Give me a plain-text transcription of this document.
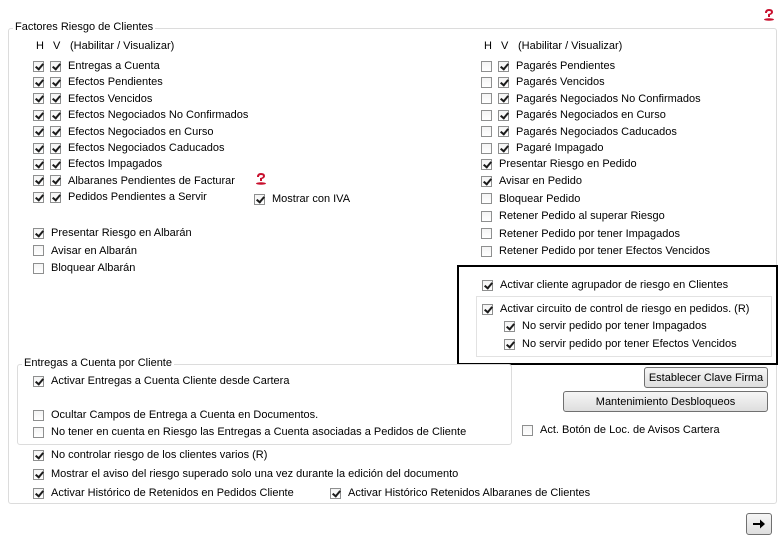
Factores Riesgo de Clientes
H V (Habilitar / Visualizar)
Entregas a Cuenta
Efectos Pendientes
Efectos Vencidos
Efectos Negociados No Confirmados
Efectos Negociados en Curso
Efectos Negociados Caducados
Efectos Impagados
Albaranes Pendientes de Facturar
Pedidos Pendientes a Servir	Mostrar con IVA
Presentar Riesgo en Albarán
Avisar en Albarán
Bloquear Albarán
H V (Habilitar / Visualizar)
Pagarés Pendientes
Pagarés Vencidos
Pagarés Negociados No Confirmados
Pagarés Negociados en Curso
Pagarés Negociados Caducados
Pagaré Impagado
Presentar Riesgo en Pedido
Avisar en Pedido
Bloquear Pedido
Retener Pedido al superar Riesgo
Retener Pedido por tener Impagados
Retener Pedido por tener Efectos Vencidos
Activar cliente agrupador de riesgo en Clientes
Activar circuito de control de riesgo en pedidos. (R)
No servir pedido por tener Impagados
No servir pedido por tener Efectos Vencidos
Entregas a Cuenta por Cliente
Activar Entregas a Cuenta Cliente desde Cartera
Ocultar Campos de Entrega a Cuenta en Documentos.
No tener en cuenta en Riesgo las Entregas a Cuenta asociadas a Pedidos de Cliente
Establecer Clave Firma
Mantenimiento Desbloqueos
Act. Botón de Loc. de Avisos Cartera
No controlar riesgo de los clientes varios (R)
Mostrar el aviso del riesgo superado solo una vez durante la edición del documento
Activar Histórico de Retenidos en Pedidos Cliente	Activar Histórico Retenidos Albaranes de Clientes
